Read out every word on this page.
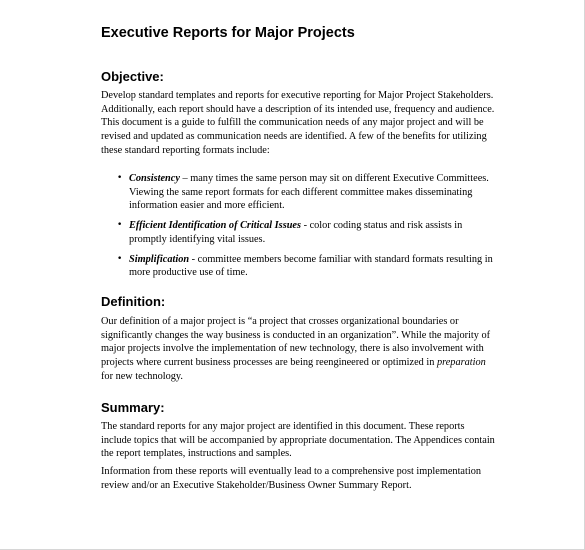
Executive Reports for Major Projects
Objective:

Develop standard templates and reports for executive reporting for Major Project Stakeholders. Additionally, each report should have a description of its intended use, frequency and audience. This document is a guide to fulfill the communication needs of any major project and will be revised and updated as communication needs are identified. A few of the benefits for utilizing these standard reporting formats include:

• Consistency – many times the same person may sit on different Executive Committees. Viewing the same report formats for each different committee makes disseminating information easier and more efficient.
• Efficient Identification of Critical Issues - color coding status and risk assists in promptly identifying vital issues.
• Simplification - committee members become familiar with standard formats resulting in more productive use of time.
Definition:

Our definition of a major project is “a project that crosses organizational boundaries or significantly changes the way business is conducted in an organization”. While the majority of major projects involve the implementation of new technology, there is also involvement with projects where current business processes are being reengineered or optimized in preparation for new technology.

Summary:

The standard reports for any major project are identified in this document. These reports include topics that will be accompanied by appropriate documentation. The Appendices contain the report templates, instructions and samples.

Information from these reports will eventually lead to a comprehensive post implementation review and/or an Executive Stakeholder/Business Owner Summary Report.
